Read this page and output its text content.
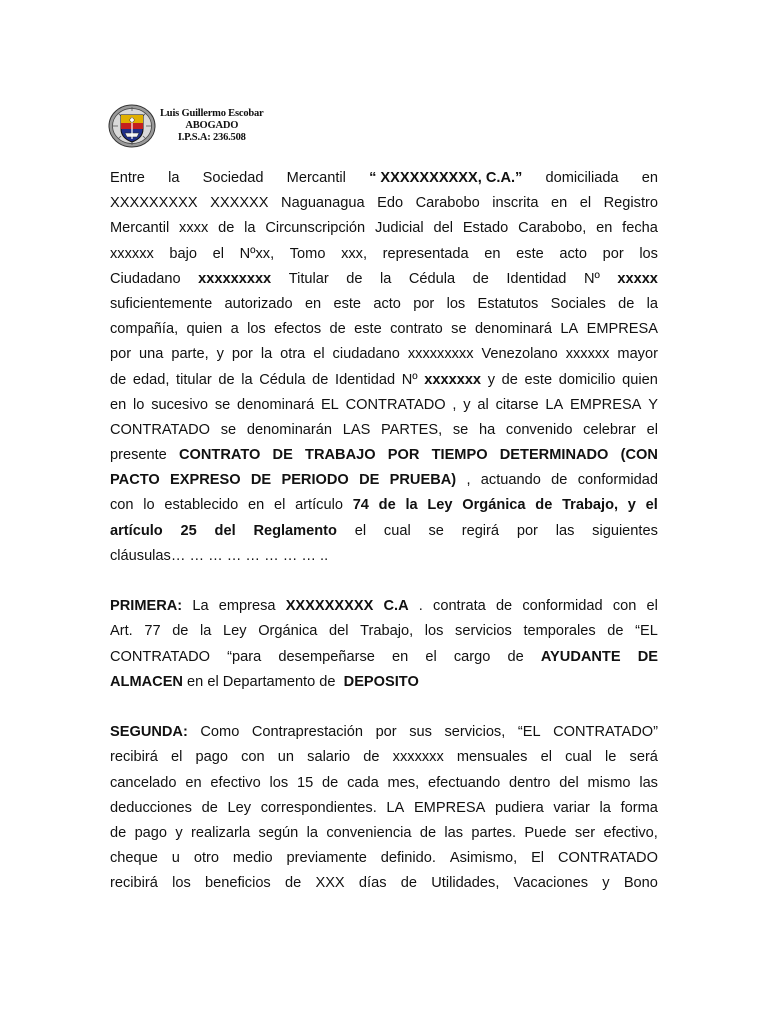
Luis Guillermo Escobar
ABOGADO
I.P.S.A: 236.508
Entre la Sociedad Mercantil “ XXXXXXXXXX, C.A.” domiciliada en
XXXXXXXXX XXXXXX Naguanagua Edo Carabobo inscrita en el Registro
Mercantil xxxx de la Circunscripción Judicial del Estado Carabobo, en fecha
xxxxxx bajo el Nºxx, Tomo xxx, representada en este acto por los
Ciudadano xxxxxxxxx Titular de la Cédula de Identidad Nº xxxxx
suficientemente autorizado en este acto por los Estatutos Sociales de la
compañía, quien a los efectos de este contrato se denominará LA EMPRESA
por una parte, y por la otra el ciudadano xxxxxxxxx Venezolano xxxxxx mayor
de edad, titular de la Cédula de Identidad Nº xxxxxxx y de este domicilio quien
en lo sucesivo se denominará EL CONTRATADO , y al citarse LA EMPRESA Y
CONTRATADO se denominarán LAS PARTES, se ha convenido celebrar el
presente CONTRATO DE TRABAJO POR TIEMPO DETERMINADO (CON
PACTO EXPRESO DE PERIODO DE PRUEBA) , actuando de conformidad
con lo establecido en el artículo 74 de la Ley Orgánica de Trabajo, y el
artículo 25 del Reglamento el cual se regirá por las siguientes
cláusulas… … … … … … … … ..
PRIMERA: La empresa XXXXXXXXX C.A . contrata de conformidad con el
Art. 77 de la Ley Orgánica del Trabajo, los servicios temporales de “EL
CONTRATADO “para desempeñarse en el cargo de AYUDANTE DE
ALMACEN en el Departamento de DEPOSITO
SEGUNDA: Como Contraprestación por sus servicios, “EL CONTRATADO”
recibirá el pago con un salario de xxxxxxx mensuales el cual le será
cancelado en efectivo los 15 de cada mes, efectuando dentro del mismo las
deducciones de Ley correspondientes. LA EMPRESA pudiera variar la forma
de pago y realizarla según la conveniencia de las partes. Puede ser efectivo,
cheque u otro medio previamente definido. Asimismo, El CONTRATADO
recibirá los beneficios de XXX días de Utilidades, Vacaciones y Bono
